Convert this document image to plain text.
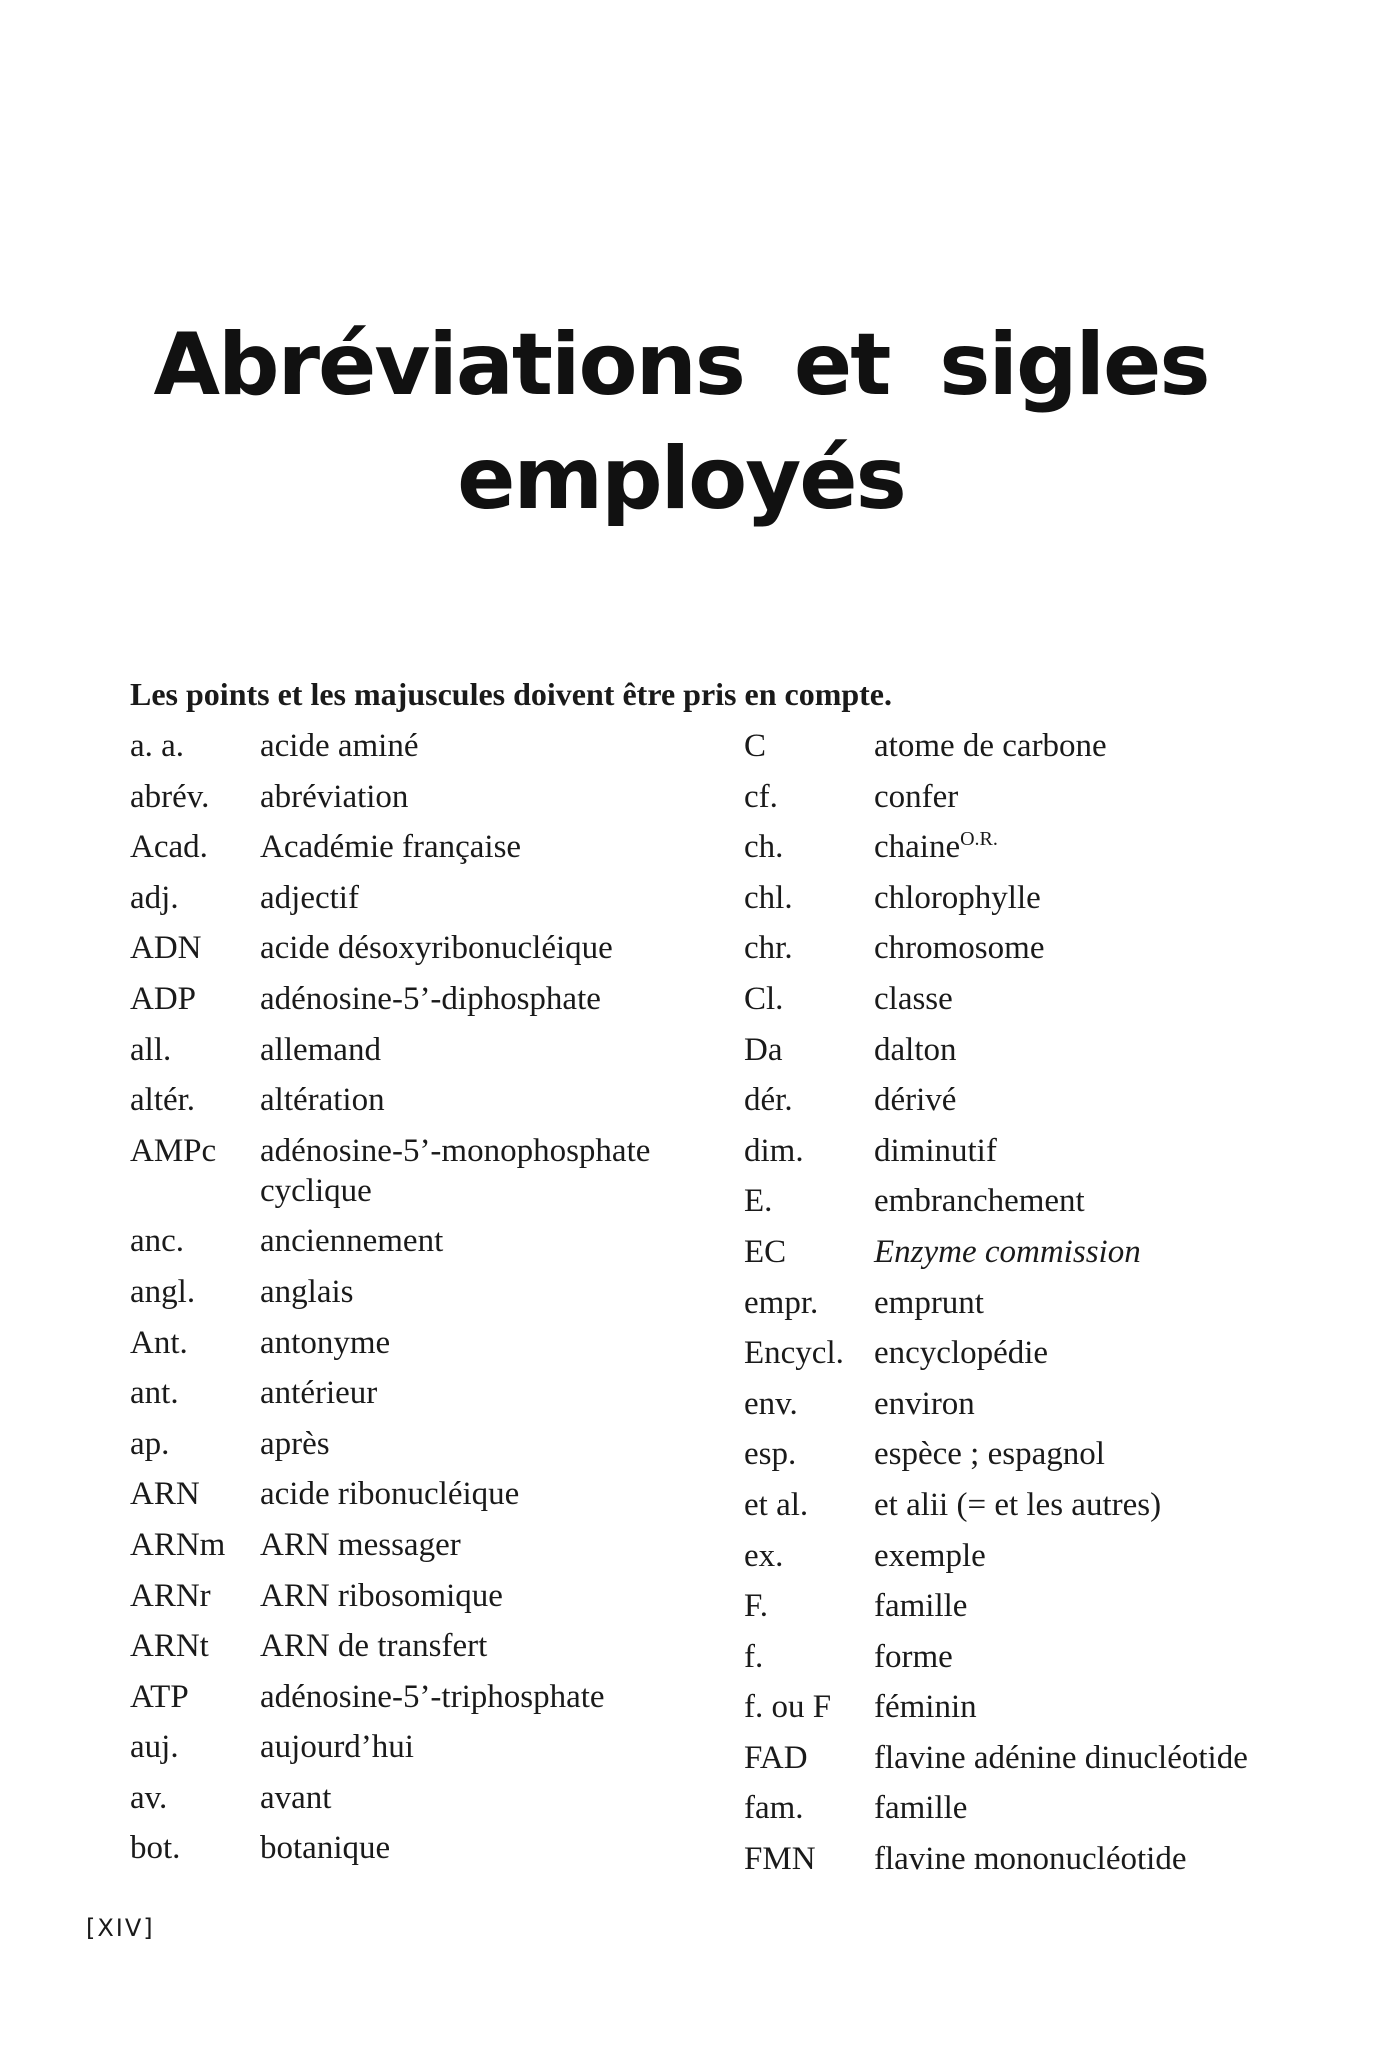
Abréviations et sigles
employés

Les points et les majuscules doivent être pris en compte.

a. a.	acide aminé
abrév.	abréviation
Acad.	Académie française
adj.	adjectif
ADN	acide désoxyribonucléique
ADP	adénosine-5’-diphosphate
all.	allemand
altér.	altération
AMPc	adénosine-5’-monophosphate cyclique
anc.	anciennement
angl.	anglais
Ant.	antonyme
ant.	antérieur
ap.	après
ARN	acide ribonucléique
ARNm	ARN messager
ARNr	ARN ribosomique
ARNt	ARN de transfert
ATP	adénosine-5’-triphosphate
auj.	aujourd’hui
av.	avant
bot.	botanique
C	atome de carbone
cf.	confer
ch.	chaine$^{O.R.}$
chl.	chlorophylle
chr.	chromosome
Cl.	classe
Da	dalton
dér.	dérivé
dim.	diminutif
E.	embranchement
EC	Enzyme commission
empr.	emprunt
Encycl. encyclopédie
env.	environ
esp.	espèce ; espagnol
et al.	et alii (= et les autres)
ex.	exemple
F.	famille
f.	forme
f. ou F	féminin
FAD	flavine adénine dinucléotide
fam.	famille
FMN	flavine mononucléotide

[XIV]
